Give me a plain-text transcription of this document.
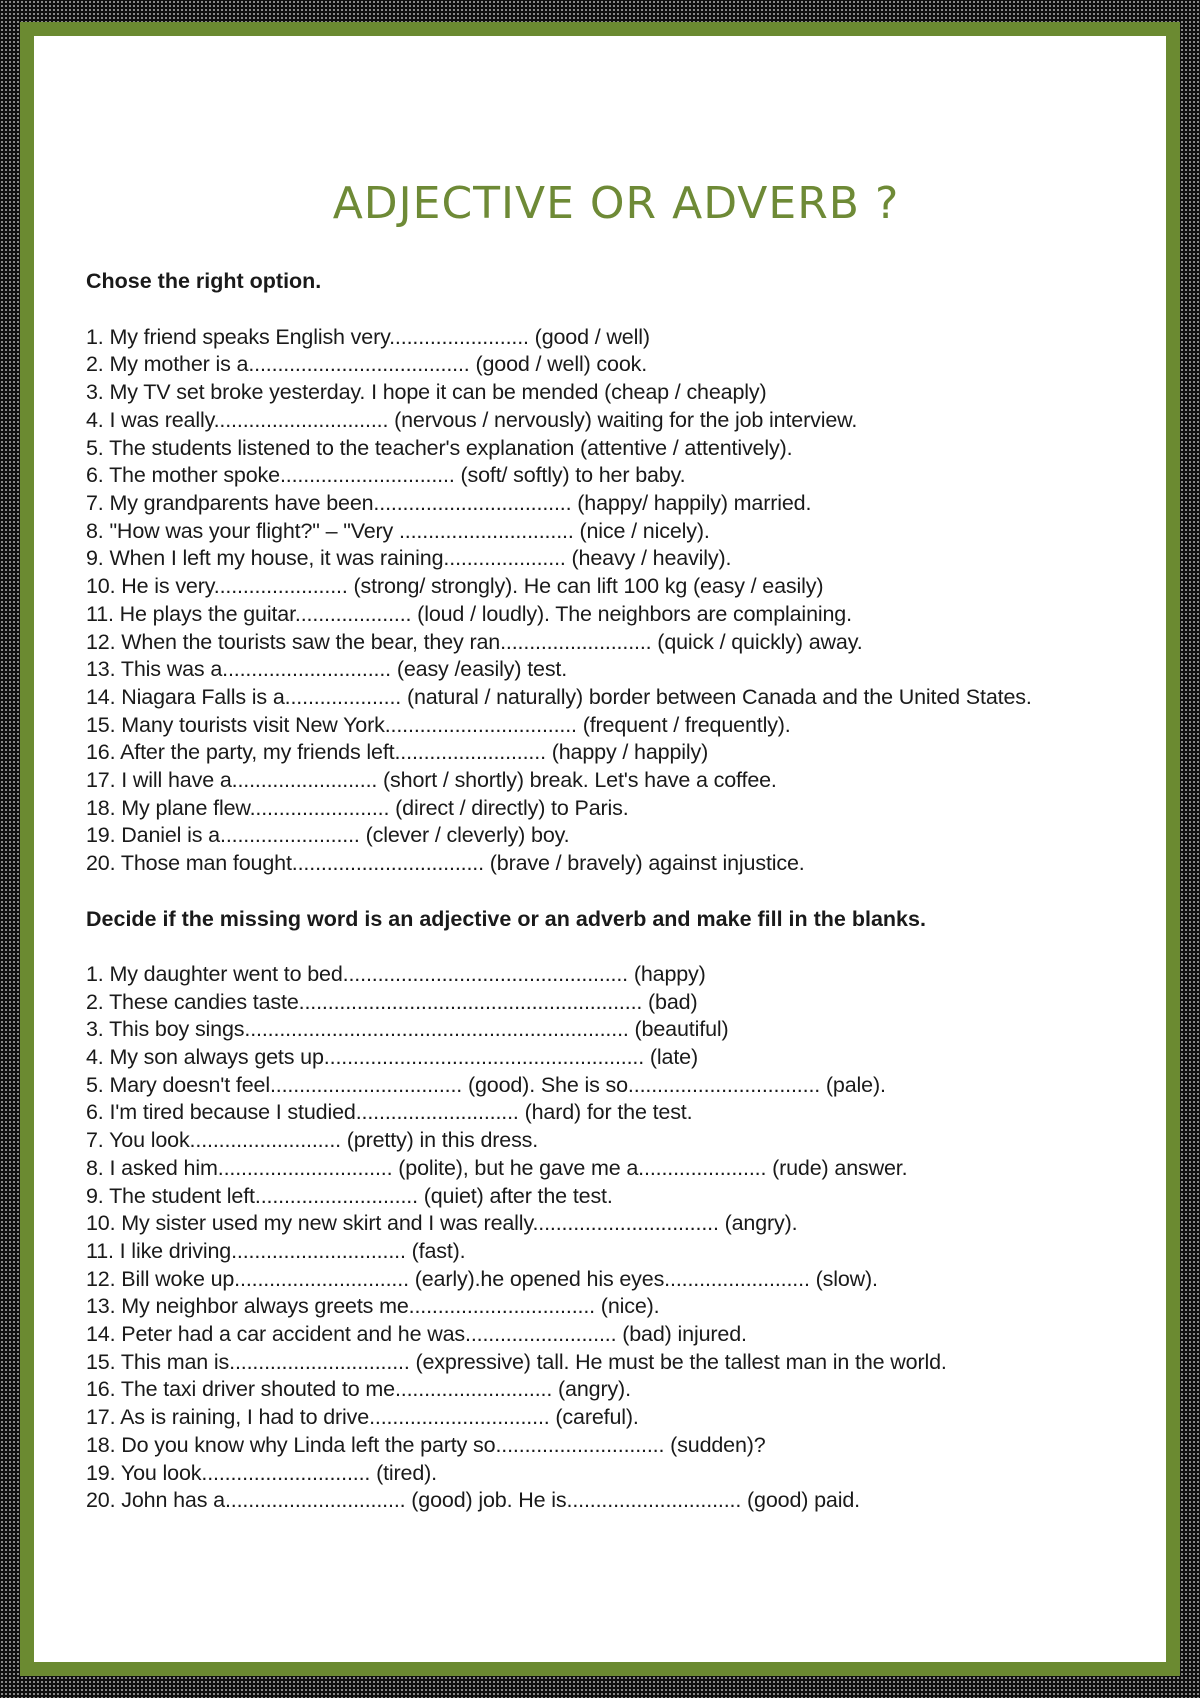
ADJECTIVE OR ADVERB ?
Chose the right option.
1. My friend speaks English very........................ (good / well)
2. My mother is a...................................... (good / well) cook.
3. My TV set broke yesterday. I hope it can be mended (cheap / cheaply)
4. I was really.............................. (nervous / nervously) waiting for the job interview.
5. The students listened to the teacher's explanation (attentive / attentively).
6. The mother spoke.............................. (soft/ softly) to her baby.
7. My grandparents have been.................................. (happy/ happily) married.
8. "How was your flight?" – "Very .............................. (nice / nicely).
9. When I left my house, it was raining..................... (heavy / heavily).
10. He is very....................... (strong/ strongly). He can lift 100 kg (easy / easily)
11. He plays the guitar.................... (loud / loudly). The neighbors are complaining.
12. When the tourists saw the bear, they ran.......................... (quick / quickly) away.
13. This was a............................. (easy /easily) test.
14. Niagara Falls is a.................... (natural / naturally) border between Canada and the United States.
15. Many tourists visit New York................................. (frequent / frequently).
16. After the party, my friends left.......................... (happy / happily)
17. I will have a......................... (short / shortly) break. Let's have a coffee.
18. My plane flew........................ (direct / directly) to Paris.
19. Daniel is a........................ (clever / cleverly) boy.
20. Those man fought................................. (brave / bravely) against injustice.
Decide if the missing word is an adjective or an adverb and make fill in the blanks.
1. My daughter went to bed................................................. (happy)
2. These candies taste........................................................... (bad)
3. This boy sings.................................................................. (beautiful)
4. My son always gets up....................................................... (late)
5. Mary doesn't feel................................. (good). She is so................................. (pale).
6. I'm tired because I studied............................ (hard) for the test.
7. You look.......................... (pretty) in this dress.
8. I asked him.............................. (polite), but he gave me a...................... (rude) answer.
9. The student left............................ (quiet) after the test.
10. My sister used my new skirt and I was really................................ (angry).
11. I like driving.............................. (fast).
12. Bill woke up.............................. (early).he opened his eyes......................... (slow).
13. My neighbor always greets me................................ (nice).
14. Peter had a car accident and he was.......................... (bad) injured.
15. This man is............................... (expressive) tall. He must be the tallest man in the world.
16. The taxi driver shouted to me........................... (angry).
17. As is raining, I had to drive............................... (careful).
18. Do you know why Linda left the party so............................. (sudden)?
19. You look............................. (tired).
20. John has a............................... (good) job. He is.............................. (good) paid.
